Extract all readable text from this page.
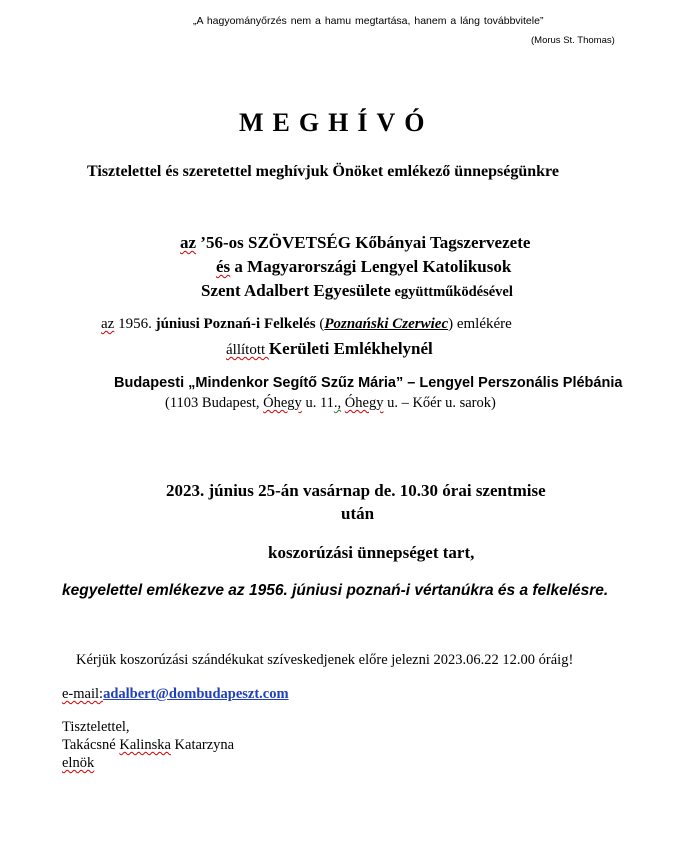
„A hagyományőrzés nem a hamu megtartása, hanem a láng továbbvitele”
(Morus St. Thomas)
MEGHÍVÓ
Tisztelettel és szeretettel meghívjuk Önöket emlékező ünnepségünkre
az ’56-os SZÖVETSÉG Kőbányai Tagszervezete
és a Magyarországi Lengyel Katolikusok
Szent Adalbert Egyesülete együttműködésével
az 1956. júniusi Poznań-i Felkelés (Poznański Czerwiec) emlékére
állított Kerületi Emlékhelynél
Budapesti „Mindenkor Segítő Szűz Mária” – Lengyel Perszonális Plébánia
(1103 Budapest, Óhegy u. 11., Óhegy u. – Kőér u. sarok)
2023. június 25-án vasárnap de. 10.30 órai szentmise
után
koszorúzási ünnepséget tart,
kegyelettel emlékezve az 1956. júniusi poznań-i vértanúkra és a felkelésre.
Kérjük koszorúzási szándékukat szíveskedjenek előre jelezni 2023.06.22 12.00 óráig!
e-mail:adalbert@dombudapeszt.com
Tisztelettel,
Takácsné Kalinska Katarzyna
elnök
